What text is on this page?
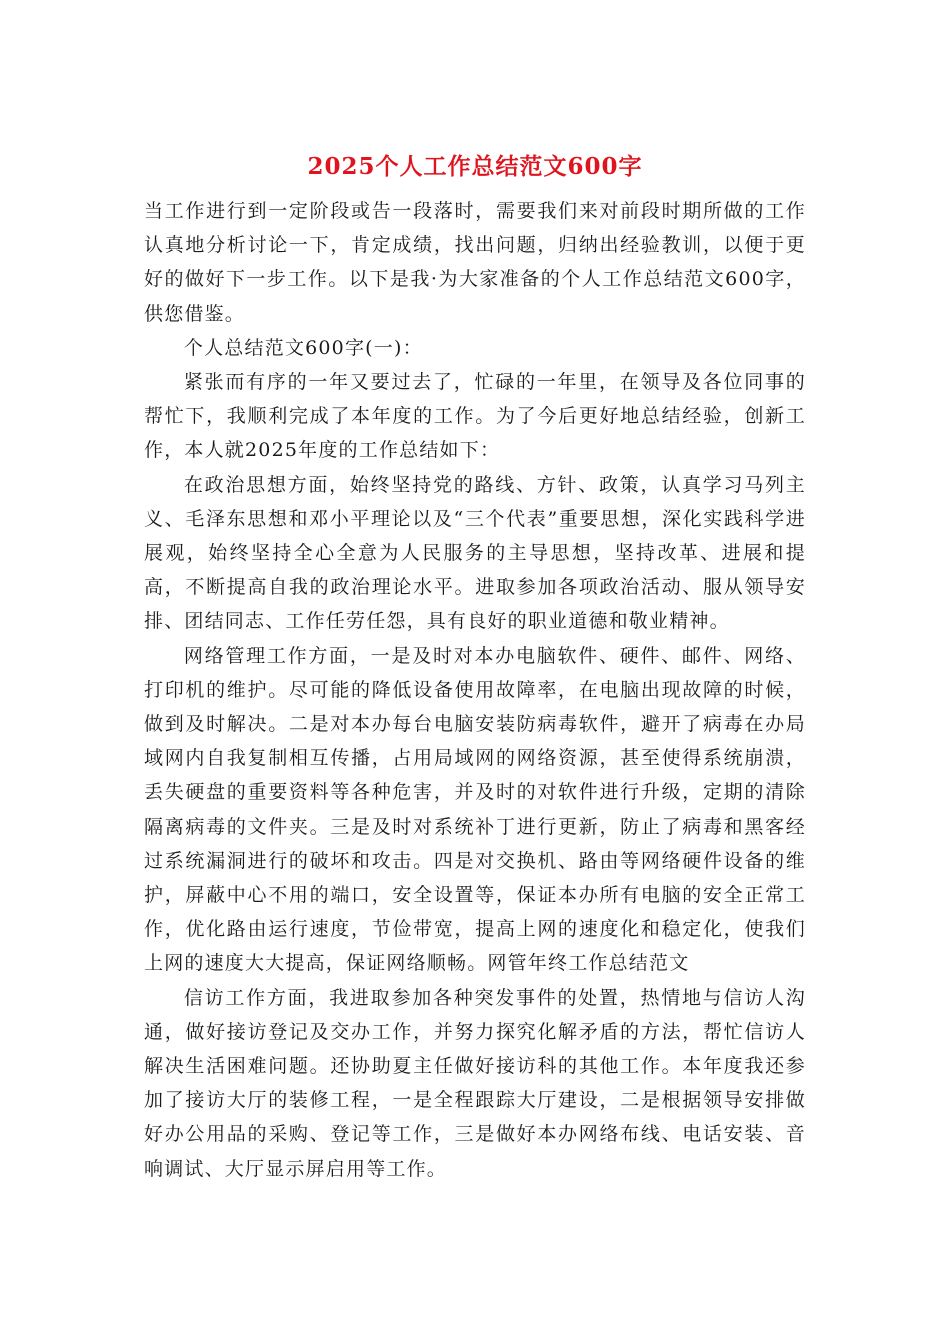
2025个人工作总结范文600字

当工作进行到一定阶段或告一段落时，需要我们来对前段时期所做的工作认真地分析讨论一下，肯定成绩，找出问题，归纳出经验教训，以便于更好的做好下一步工作。以下是我·为大家准备的个人工作总结范文600字，供您借鉴。

个人总结范文600字(一)：

紧张而有序的一年又要过去了，忙碌的一年里，在领导及各位同事的帮忙下，我顺利完成了本年度的工作。为了今后更好地总结经验，创新工作，本人就2025年度的工作总结如下：

在政治思想方面，始终坚持党的路线、方针、政策，认真学习马列主义、毛泽东思想和邓小平理论以及“三个代表”重要思想，深化实践科学进展观，始终坚持全心全意为人民服务的主导思想，坚持改革、进展和提高，不断提高自我的政治理论水平。进取参加各项政治活动、服从领导安排、团结同志、工作任劳任怨，具有良好的职业道德和敬业精神。

网络管理工作方面，一是及时对本办电脑软件、硬件、邮件、网络、打印机的维护。尽可能的降低设备使用故障率，在电脑出现故障的时候，做到及时解决。二是对本办每台电脑安装防病毒软件，避开了病毒在办局域网内自我复制相互传播，占用局域网的网络资源，甚至使得系统崩溃，丢失硬盘的重要资料等各种危害，并及时的对软件进行升级，定期的清除隔离病毒的文件夹。三是及时对系统补丁进行更新，防止了病毒和黑客经过系统漏洞进行的破坏和攻击。四是对交换机、路由等网络硬件设备的维护，屏蔽中心不用的端口，安全设置等，保证本办所有电脑的安全正常工作，优化路由运行速度，节俭带宽，提高上网的速度化和稳定化，使我们上网的速度大大提高，保证网络顺畅。网管年终工作总结范文

信访工作方面，我进取参加各种突发事件的处置，热情地与信访人沟通，做好接访登记及交办工作，并努力探究化解矛盾的方法，帮忙信访人解决生活困难问题。还协助夏主任做好接访科的其他工作。本年度我还参加了接访大厅的装修工程，一是全程跟踪大厅建设，二是根据领导安排做好办公用品的采购、登记等工作，三是做好本办网络布线、电话安装、音响调试、大厅显示屏启用等工作。
